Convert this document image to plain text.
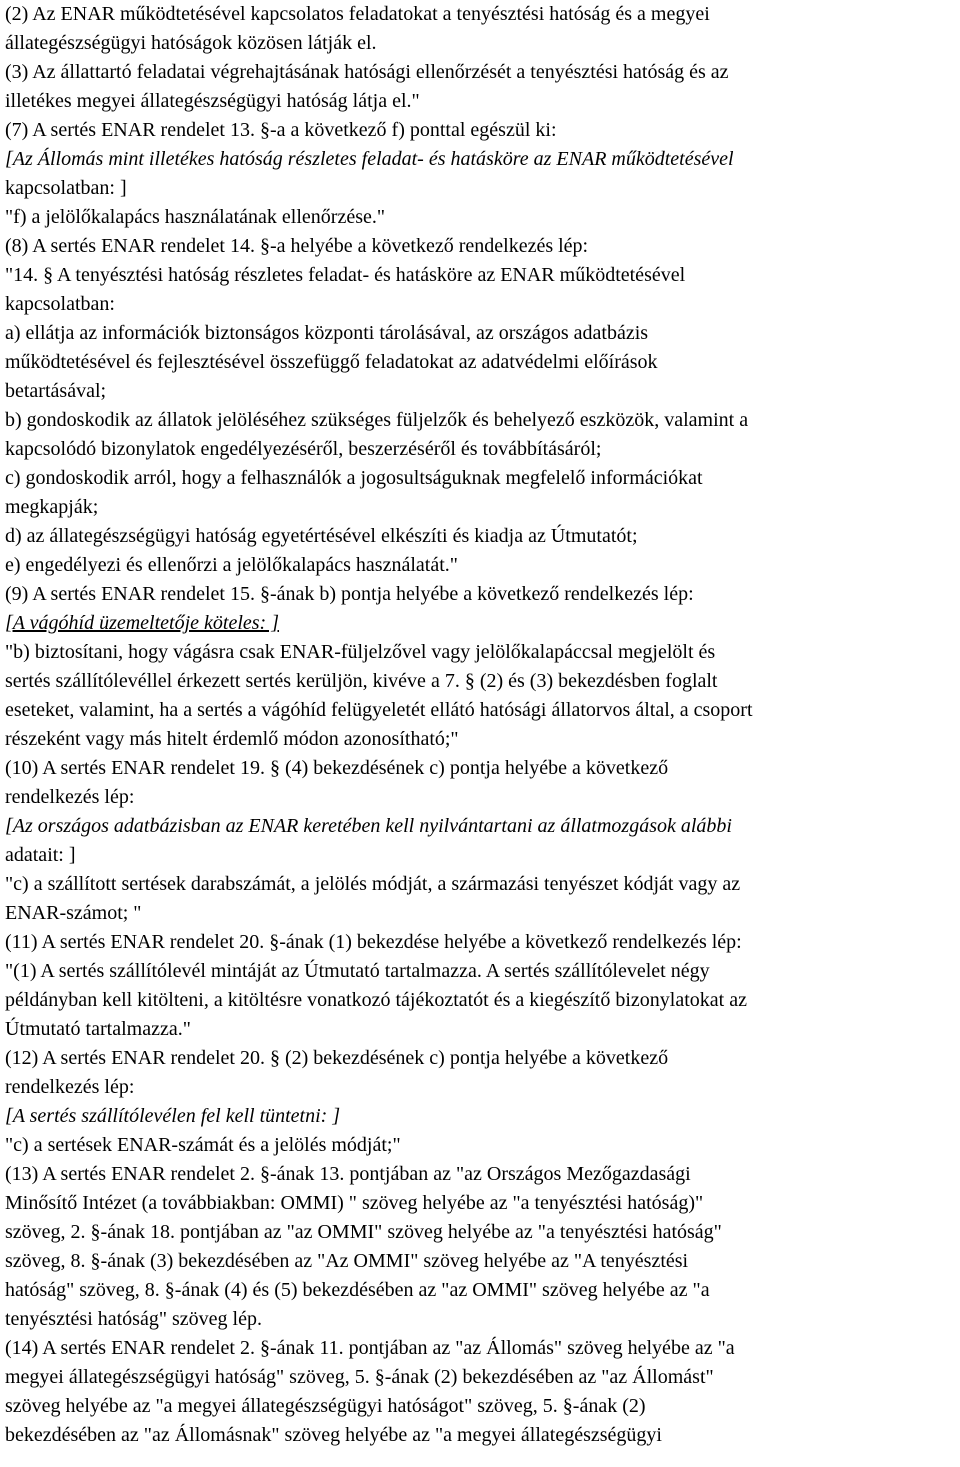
(2) Az ENAR működtetésével kapcsolatos feladatokat a tenyésztési hatóság és a megyei
állategészségügyi hatóságok közösen látják el.
(3) Az állattartó feladatai végrehajtásának hatósági ellenőrzését a tenyésztési hatóság és az
illetékes megyei állategészségügyi hatóság látja el."
(7) A sertés ENAR rendelet 13. §-a a következő f) ponttal egészül ki:
[Az Állomás mint illetékes hatóság részletes feladat- és hatásköre az ENAR működtetésével
kapcsolatban: ]
"f) a jelölőkalapács használatának ellenőrzése."
(8) A sertés ENAR rendelet 14. §-a helyébe a következő rendelkezés lép:
"14. § A tenyésztési hatóság részletes feladat- és hatásköre az ENAR működtetésével
kapcsolatban:
a) ellátja az információk biztonságos központi tárolásával, az országos adatbázis
működtetésével és fejlesztésével összefüggő feladatokat az adatvédelmi előírások
betartásával;
b) gondoskodik az állatok jelöléséhez szükséges füljelzők és behelyező eszközök, valamint a
kapcsolódó bizonylatok engedélyezéséről, beszerzéséről és továbbításáról;
c) gondoskodik arról, hogy a felhasználók a jogosultságuknak megfelelő információkat
megkapják;
d) az állategészségügyi hatóság egyetértésével elkészíti és kiadja az Útmutatót;
e) engedélyezi és ellenőrzi a jelölőkalapács használatát."
(9) A sertés ENAR rendelet 15. §-ának b) pontja helyébe a következő rendelkezés lép:
[A vágóhíd üzemeltetője köteles: ]
"b) biztosítani, hogy vágásra csak ENAR-füljelzővel vagy jelölőkalapáccsal megjelölt és
sertés szállítólevéllel érkezett sertés kerüljön, kivéve a 7. § (2) és (3) bekezdésben foglalt
eseteket, valamint, ha a sertés a vágóhíd felügyeletét ellátó hatósági állatorvos által, a csoport
részeként vagy más hitelt érdemlő módon azonosítható;"
(10) A sertés ENAR rendelet 19. § (4) bekezdésének c) pontja helyébe a következő
rendelkezés lép:
[Az országos adatbázisban az ENAR keretében kell nyilvántartani az állatmozgások alábbi
adatait: ]
"c) a szállított sertések darabszámát, a jelölés módját, a származási tenyészet kódját vagy az
ENAR-számot; "
(11) A sertés ENAR rendelet 20. §-ának (1) bekezdése helyébe a következő rendelkezés lép:
"(1) A sertés szállítólevél mintáját az Útmutató tartalmazza. A sertés szállítólevelet négy
példányban kell kitölteni, a kitöltésre vonatkozó tájékoztatót és a kiegészítő bizonylatokat az
Útmutató tartalmazza."
(12) A sertés ENAR rendelet 20. § (2) bekezdésének c) pontja helyébe a következő
rendelkezés lép:
[A sertés szállítólevélen fel kell tüntetni: ]
"c) a sertések ENAR-számát és a jelölés módját;"
(13) A sertés ENAR rendelet 2. §-ának 13. pontjában az "az Országos Mezőgazdasági
Minősítő Intézet (a továbbiakban: OMMI) " szöveg helyébe az "a tenyésztési hatóság)"
szöveg, 2. §-ának 18. pontjában az "az OMMI" szöveg helyébe az "a tenyésztési hatóság"
szöveg, 8. §-ának (3) bekezdésében az "Az OMMI" szöveg helyébe az "A tenyésztési
hatóság" szöveg, 8. §-ának (4) és (5) bekezdésében az "az OMMI" szöveg helyébe az "a
tenyésztési hatóság" szöveg lép.
(14) A sertés ENAR rendelet 2. §-ának 11. pontjában az "az Állomás" szöveg helyébe az "a
megyei állategészségügyi hatóság" szöveg, 5. §-ának (2) bekezdésében az "az Állomást"
szöveg helyébe az "a megyei állategészségügyi hatóságot" szöveg, 5. §-ának (2)
bekezdésében az "az Állomásnak" szöveg helyébe az "a megyei állategészségügyi
